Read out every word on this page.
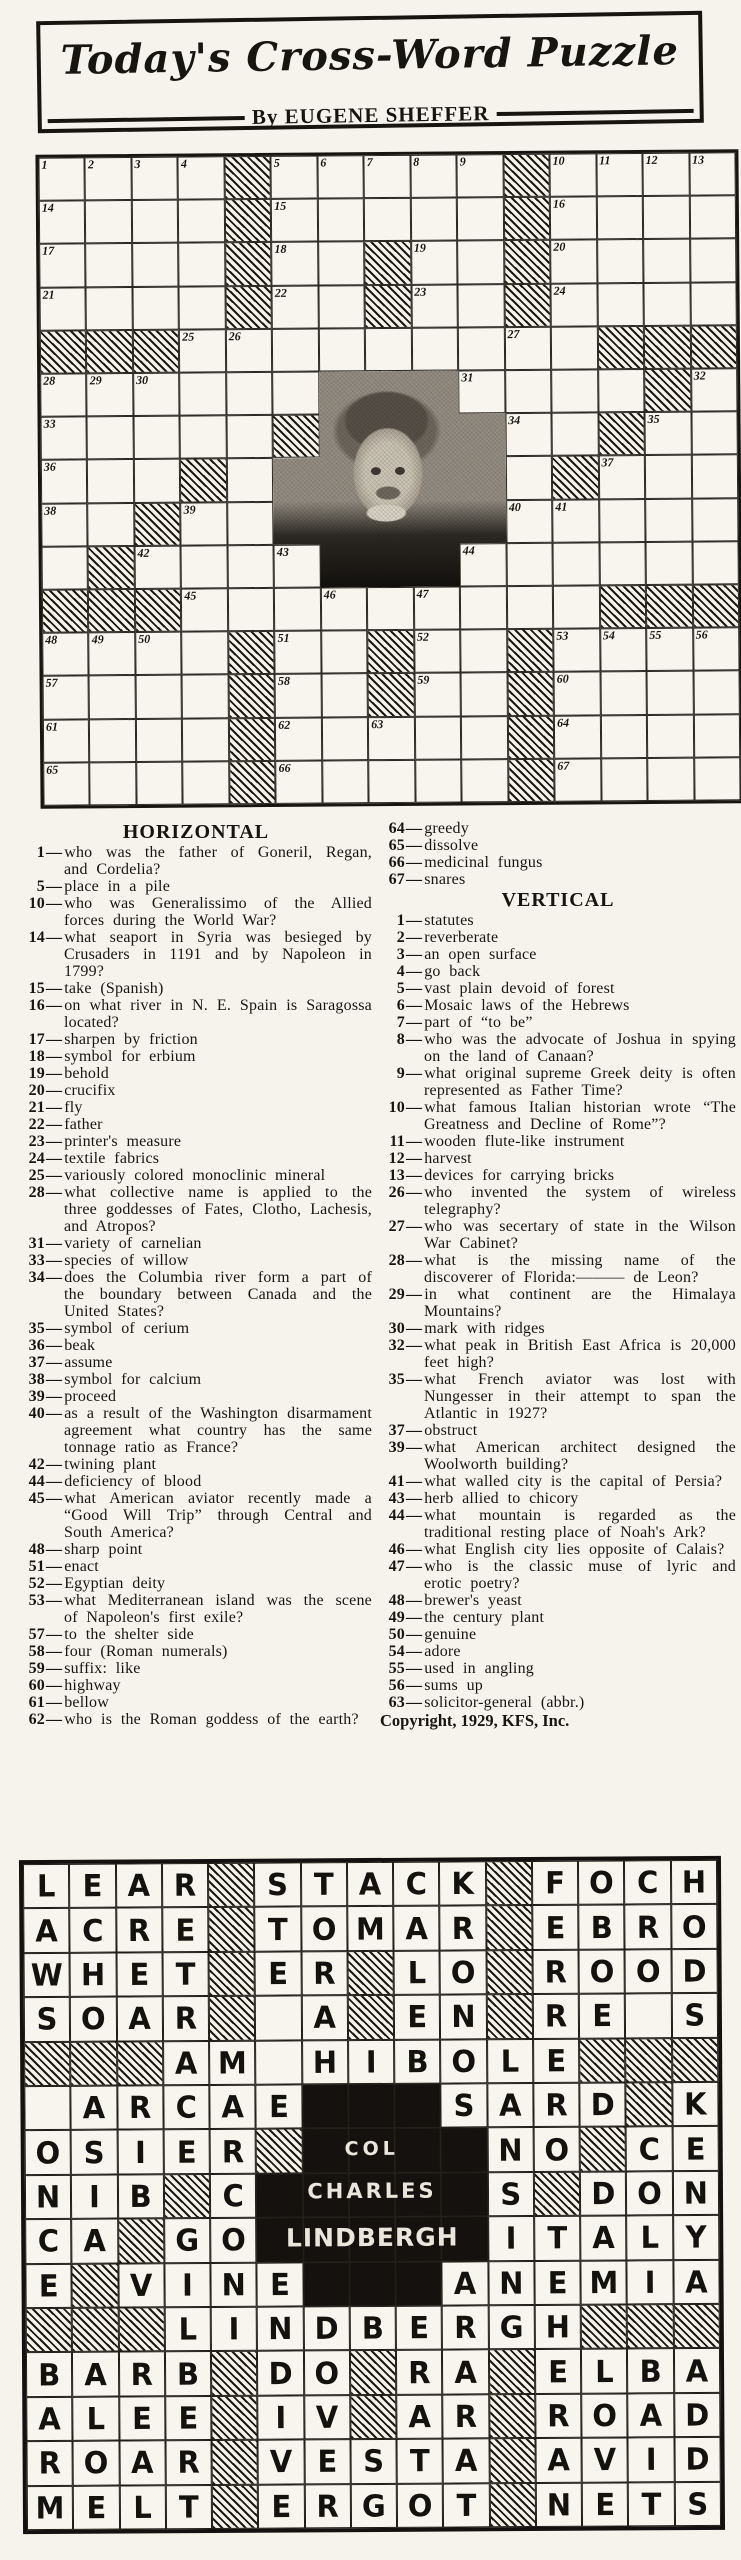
Today's Cross-Word Puzzle
By EUGENE SHEFFER
1	2	3	4	5	6	7	8	9	10	11	12	13
14	15	16
17	18	19	20
21	22	23	24
25	26	27
28	29	30	31	32
33	34	35
36	37
38	39	40	41
42	43	44
45	46	47
48	49	50	51	52	53	54	55	56
57	58	59	60
61	62	63	64
65	66	67
HORIZONTAL
1— who was the father of Goneril, Regan, and Cordelia?
5— place in a pile
10— who was Generalissimo of the Allied forces during the World War?
14— what seaport in Syria was besieged by Crusaders in 1191 and by Napoleon in 1799?
15— take (Spanish)
16— on what river in N. E. Spain is Saragossa located?
17— sharpen by friction
18— symbol for erbium
19— behold
20— crucifix
21— fly
22— father
23— printer's measure
24— textile fabrics
25— variously colored monoclinic mineral
28— what collective name is applied to the three goddesses of Fates, Clotho, Lachesis, and Atropos?
31— variety of carnelian
33— species of willow
34— does the Columbia river form a part of the boundary between Canada and the United States?
35— symbol of cerium
36— beak
37— assume
38— symbol for calcium
39— proceed
40— as a result of the Washington disarmament agreement what country has the same tonnage ratio as France?
42— twining plant
44— deficiency of blood
45— what American aviator recently made a “Good Will Trip” through Central and South America?
48— sharp point
51— enact
52— Egyptian deity
53— what Mediterranean island was the scene of Napoleon's first exile?
57— to the shelter side
58— four (Roman numerals)
59— suffix: like
60— highway
61— bellow
62— who is the Roman goddess of the earth?
64— greedy
65— dissolve
66— medicinal fungus
67— snares
VERTICAL
1— statutes
2— reverberate
3— an open surface
4— go back
5— vast plain devoid of forest
6— Mosaic laws of the Hebrews
7— part of “to be”
8— who was the advocate of Joshua in spying on the land of Canaan?
9— what original supreme Greek deity is often represented as Father Time?
10— what famous Italian historian wrote “The Greatness and Decline of Rome”?
11— wooden flute-like instrument
12— harvest
13— devices for carrying bricks
26— who invented the system of wireless telegraphy?
27— who was secertary of state in the Wilson War Cabinet?
28— what is the missing name of the discoverer of Florida:——— de Leon?
29— in what continent are the Himalaya Mountains?
30— mark with ridges
32— what peak in British East Africa is 20,000 feet high?
35— what French aviator was lost with Nungesser in their attempt to span the Atlantic in 1927?
37— obstruct
39— what American architect designed the Woolworth building?
41— what walled city is the capital of Persia?
43— herb allied to chicory
44— what mountain is regarded as the traditional resting place of Noah's Ark?
46— what English city lies opposite of Calais?
47— who is the classic muse of lyric and erotic poetry?
48— brewer's yeast
49— the century plant
50— genuine
54— adore
55— used in angling
56— sums up
63— solicitor-general (abbr.)
Copyright, 1929, KFS, Inc.
COL
CHARLES
LINDBERGH
L E A R S T A C K F O C H
A C R E	T O M A R E B R O
W H E T E R L O R O O D
S O A R	A E N R E S
A M H I B O L E
A R C A E	S A R D K
O S I E R	N O C E
N I B C	S D O N
C A G O	I T A L Y
E V I N E	A N E M I A
L I N D B E R G H
B A R B D O R A E L B A
A L E E	I V A R R O A D
R O A R V E S T A A V I D
M E L T E R G O T N E T S
